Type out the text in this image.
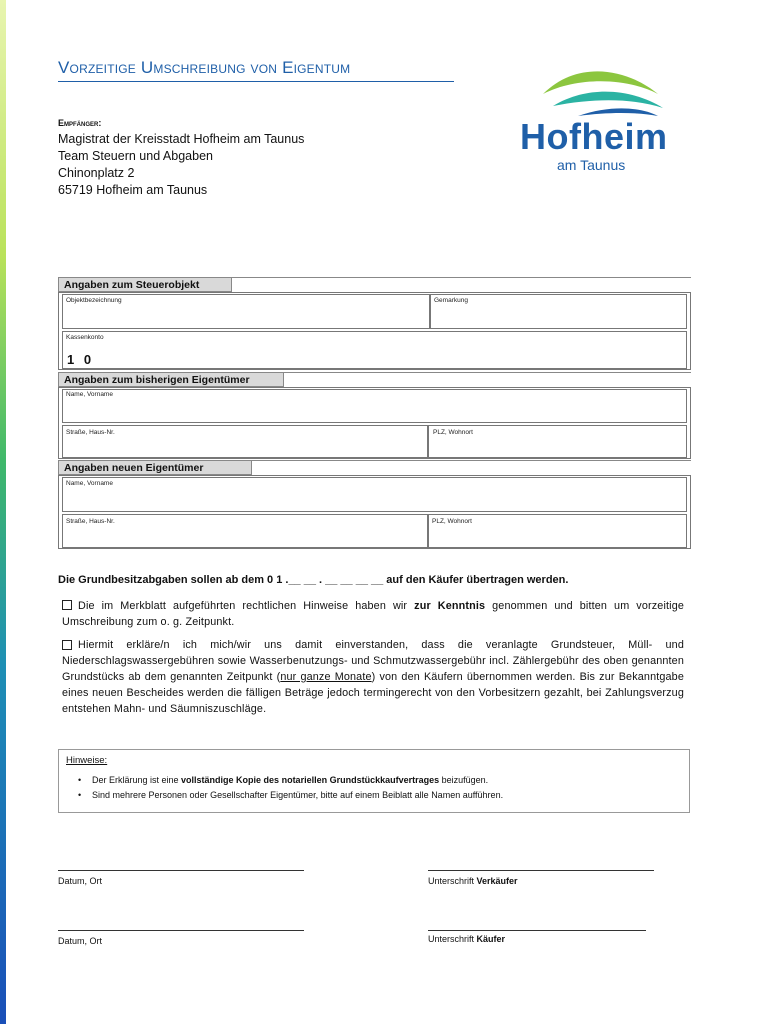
Vorzeitige Umschreibung von Eigentum
Empfänger:
Magistrat der Kreisstadt Hofheim am Taunus
Team Steuern und Abgaben
Chinonplatz 2
65719 Hofheim am Taunus
Hofheim
am Taunus
Angaben zum Steuerobjekt
Objektbezeichnung	Gemarkung
Kassenkonto
1 0
Angaben zum bisherigen Eigentümer
Name, Vorname
Straße, Haus-Nr.	PLZ, Wohnort
Angaben neuen Eigentümer
Name, Vorname
Straße, Haus-Nr.	PLZ, Wohnort
Die Grundbesitzabgaben sollen ab dem 0 1 .__ __ . __ __ __ __ auf den Käufer übertragen werden.
Die im Merkblatt aufgeführten rechtlichen Hinweise haben wir zur Kenntnis genommen und bitten um vorzeitige Umschreibung zum o. g. Zeitpunkt.
Hiermit erkläre/n ich mich/wir uns damit einverstanden, dass die veranlagte Grundsteuer, Müll- und Niederschlagswassergebühren sowie Wasserbenutzungs- und Schmutzwassergebühr incl. Zählergebühr des oben genannten Grundstücks ab dem genannten Zeitpunkt (nur ganze Monate) von den Käufern übernommen werden. Bis zur Bekanntgabe eines neuen Bescheides werden die fälligen Beträge jedoch termingerecht von den Vorbesitzern gezahlt, bei Zahlungsverzug entstehen Mahn- und Säumniszuschläge.
Hinweise:
• Der Erklärung ist eine vollständige Kopie des notariellen Grundstückkaufvertrages beizufügen.
• Sind mehrere Personen oder Gesellschafter Eigentümer, bitte auf einem Beiblatt alle Namen aufführen.
Datum, Ort	Unterschrift Verkäufer
Datum, Ort	Unterschrift Käufer
